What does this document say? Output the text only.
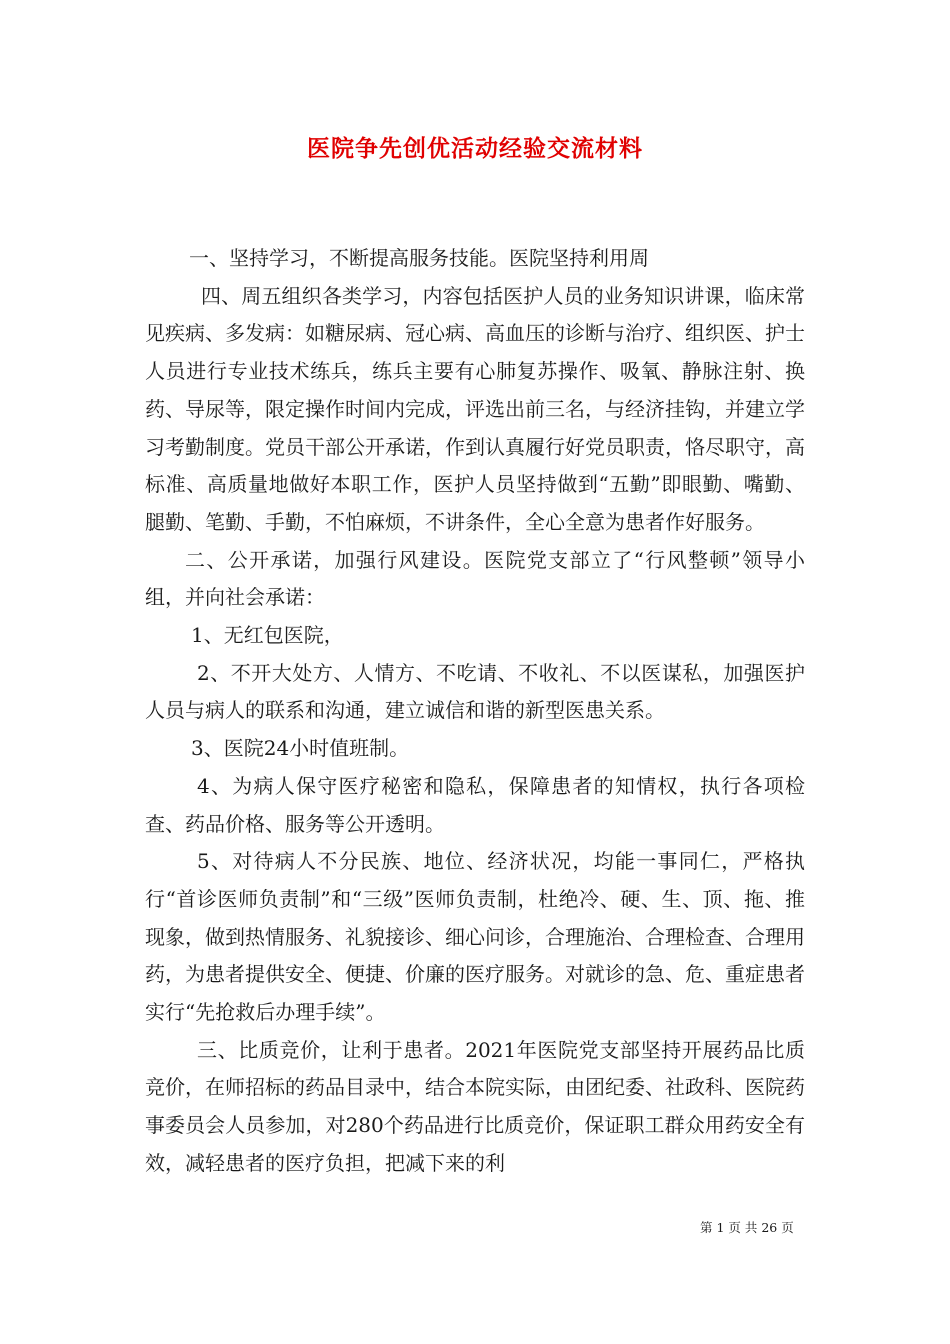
医院争先创优活动经验交流材料

一、坚持学习，不断提高服务技能。医院坚持利用周

四、周五组织各类学习，内容包括医护人员的业务知识讲课，临床常见疾病、多发病：如糖尿病、冠心病、高血压的诊断与治疗、组织医、护士人员进行专业技术练兵，练兵主要有心肺复苏操作、吸氧、静脉注射、换药、导尿等，限定操作时间内完成，评选出前三名，与经济挂钩，并建立学习考勤制度。党员干部公开承诺，作到认真履行好党员职责，恪尽职守，高标准、高质量地做好本职工作，医护人员坚持做到“五勤”即眼勤、嘴勤、腿勤、笔勤、手勤，不怕麻烦，不讲条件，全心全意为患者作好服务。

二、公开承诺，加强行风建设。医院党支部立了“行风整顿”领导小组，并向社会承诺：

1、无红包医院，

2、不开大处方、人情方、不吃请、不收礼、不以医谋私，加强医护人员与病人的联系和沟通，建立诚信和谐的新型医患关系。

3、医院24小时值班制。

4、为病人保守医疗秘密和隐私，保障患者的知情权，执行各项检查、药品价格、服务等公开透明。

5、对待病人不分民族、地位、经济状况，均能一事同仁，严格执行“首诊医师负责制”和“三级”医师负责制，杜绝冷、硬、生、顶、拖、推现象，做到热情服务、礼貌接诊、细心问诊，合理施治、合理检查、合理用药，为患者提供安全、便捷、价廉的医疗服务。对就诊的急、危、重症患者实行“先抢救后办理手续”。

三、比质竞价，让利于患者。2021年医院党支部坚持开展药品比质竞价，在师招标的药品目录中，结合本院实际，由团纪委、社政科、医院药事委员会人员参加，对280个药品进行比质竞价，保证职工群众用药安全有效，减轻患者的医疗负担，把减下来的利

第 1 页 共 26 页
